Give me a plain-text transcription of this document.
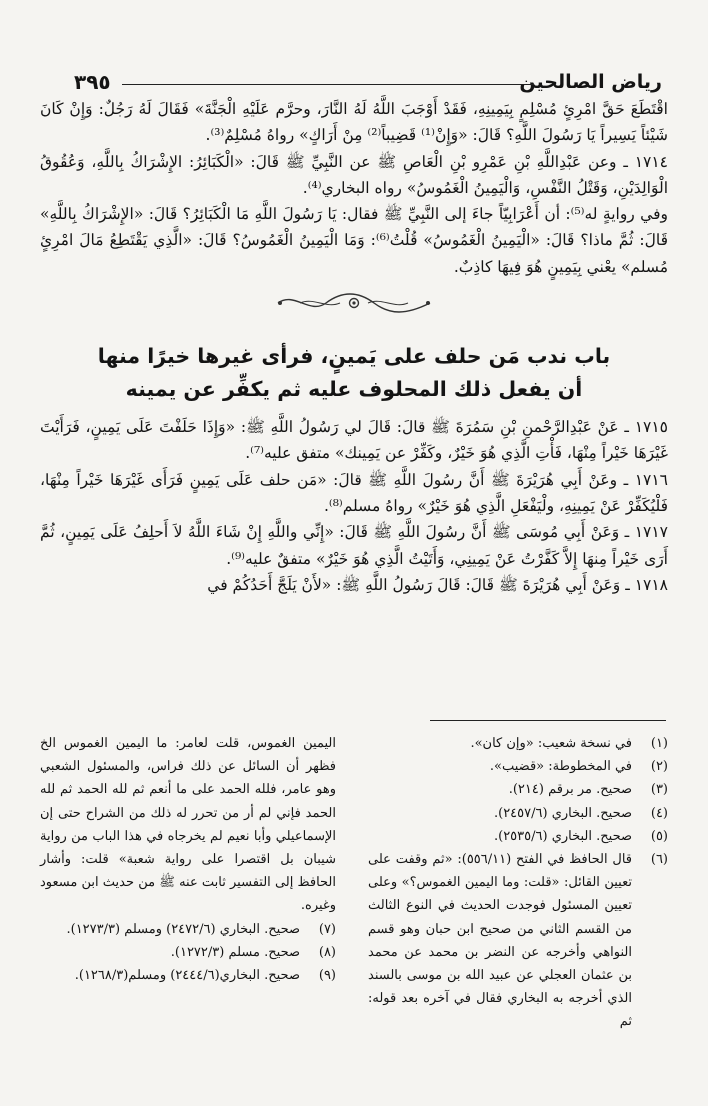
رياض الصالحين
٣٩٥

اقْتَطَعَ حَقَّ امْرِئٍ مُسْلِمٍ بِيَمِينِهِ، فَقَدْ أَوْجَبَ اللَّهُ لَهُ النَّارَ، وحرَّم عَلَيْهِ الْجَنَّةَ» فَقَالَ لَهُ رَجُلٌ: وَإِنْ كَانَ شَيْئاً يَسِيراً يَا رَسُولَ اللَّهِ؟ قَالَ: «وَإِنْ⁽¹⁾ قَضِيباً⁽²⁾ مِنْ أَرَاكٍ» رواهُ مُسْلِمٌ⁽³⁾.

١٧١٤ ـ وعن عَبْدِاللَّهِ بْنِ عَمْرِو بْنِ الْعَاصِ ﷺ عن النَّبِيِّ ﷺ قَالَ: «الْكَبَائِرُ: الإِشْرَاكُ بِاللَّهِ، وَعُقُوقُ الْوَالِدَيْنِ، وَقَتْلُ النَّفْسِ، وَالْيَمِينُ الْغَمُوسُ» رواه البخاري⁽⁴⁾.

وفي روايةٍ له⁽⁵⁾: أن أَعْرَابِيّاً جاءَ إلى النَّبِيِّ ﷺ فقال: يَا رَسُولَ اللَّهِ مَا الْكَبَائِرُ؟ قَالَ: «الإِشْرَاكُ بِاللَّهِ» قَالَ: ثُمَّ ماذا؟ قَالَ: «الْيَمِينُ الْغَمُوسُ» قُلْتُ⁽⁶⁾: وَمَا الْيَمِينُ الْغَمُوسُ؟ قَالَ: «الَّذِي يَقْتَطِعُ مَالَ امْرِئٍ مُسلم» يعْني بِيَمِينٍ هُوَ فِيهَا كاذِبٌ.

باب ندب مَن حلف على يَمينٍ، فرأى غيرها خيرًا منها
أن يفعل ذلك المحلوف عليه ثم يكفِّر عن يمينه

١٧١٥ ـ عَنْ عَبْدِالرَّحْمنِ بْنِ سَمُرَةَ ﷺ قالَ: قَالَ لي رَسُولُ اللَّهِ ﷺ: «وَإِذَا حَلَفْتَ عَلَى يَمِينٍ، فَرَأَيْتَ غَيْرَهَا خَيْراً مِنْهَا، فَأْتِ الَّذِي هُوَ خَيْرٌ، وكَفِّرْ عن يَمِينك» متفق عليه⁽⁷⁾.

١٧١٦ ـ وعَنْ أَبِي هُرَيْرَةَ ﷺ أَنَّ رسُولَ اللَّهِ ﷺ قالَ: «مَن حلف عَلَى يَمِينٍ فَرَأَى غَيْرَهَا خَيْراً مِنْهَا، فَلْيُكَفِّرْ عَنْ يَمِينِهِ، ولْيَفْعَلِ الَّذِي هُوَ خَيْرٌ» رواهُ مسلم⁽⁸⁾.

١٧١٧ ـ وَعَنْ أَبِي مُوسَى ﷺ أَنَّ رسُولَ اللَّهِ ﷺ قَالَ: «إِنِّي واللَّهِ إِنْ شَاءَ اللَّهُ لاَ أَحلِفُ عَلَى يَمِينٍ، ثُمَّ أَرَى خَيْراً مِنهَا إِلاَّ كَفَّرْتُ عَنْ يَمِينِي، وَأَتَيْتُ الَّذِي هُوَ خَيْرٌ» متفقٌ عليه⁽⁹⁾.

١٧١٨ ـ وَعَنْ أَبِي هُرَيْرَةَ ﷺ قَالَ: قَالَ رَسُولُ اللَّهِ ﷺ: «لأَنْ يَلَجَّ أَحَدُكُمْ في

(١)
في نسخة شعيب: «وإن كان».
(٢)
في المخطوطة: «قضيب».
(٣)
صحيح. مر برقم (٢١٤).
(٤)
صحيح. البخاري (٢٤٥٧/٦).
(٥)
صحيح. البخاري (٢٥٣٥/٦).
(٦)
قال الحافظ في الفتح (٥٥٦/١١): «ثم وقفت على تعيين القائل: «قلت: وما اليمين الغموس؟» وعلى تعيين المسئول فوجدت الحديث في النوع الثالث من القسم الثاني من صحيح ابن حبان وهو قسم النواهي وأخرجه عن النضر بن محمد عن محمد بن عثمان العجلي عن عبيد الله بن موسى بالسند الذي أخرجه به البخاري فقال في آخره بعد قوله: ثم
اليمين الغموس، قلت لعامر: ما اليمين الغموس الخ فظهر أن السائل عن ذلك فراس، والمسئول الشعبي وهو عامر، فلله الحمد على ما أنعم ثم لله الحمد ثم لله الحمد فإني لم أر من تحرر له ذلك من الشراح حتى إن الإسماعيلي وأبا نعيم لم يخرجاه في هذا الباب من رواية شيبان بل اقتصرا على رواية شعبة» قلت: وأشار الحافظ إلى التفسير ثابت عنه ﷺ من حديث ابن مسعود وغيره.
(٧)
صحيح. البخاري (٢٤٧٢/٦) ومسلم (١٢٧٣/٣).
(٨)
صحيح. مسلم (١٢٧٢/٣).
(٩)
صحيح. البخاري(٢٤٤٤/٦) ومسلم(١٢٦٨/٣).
